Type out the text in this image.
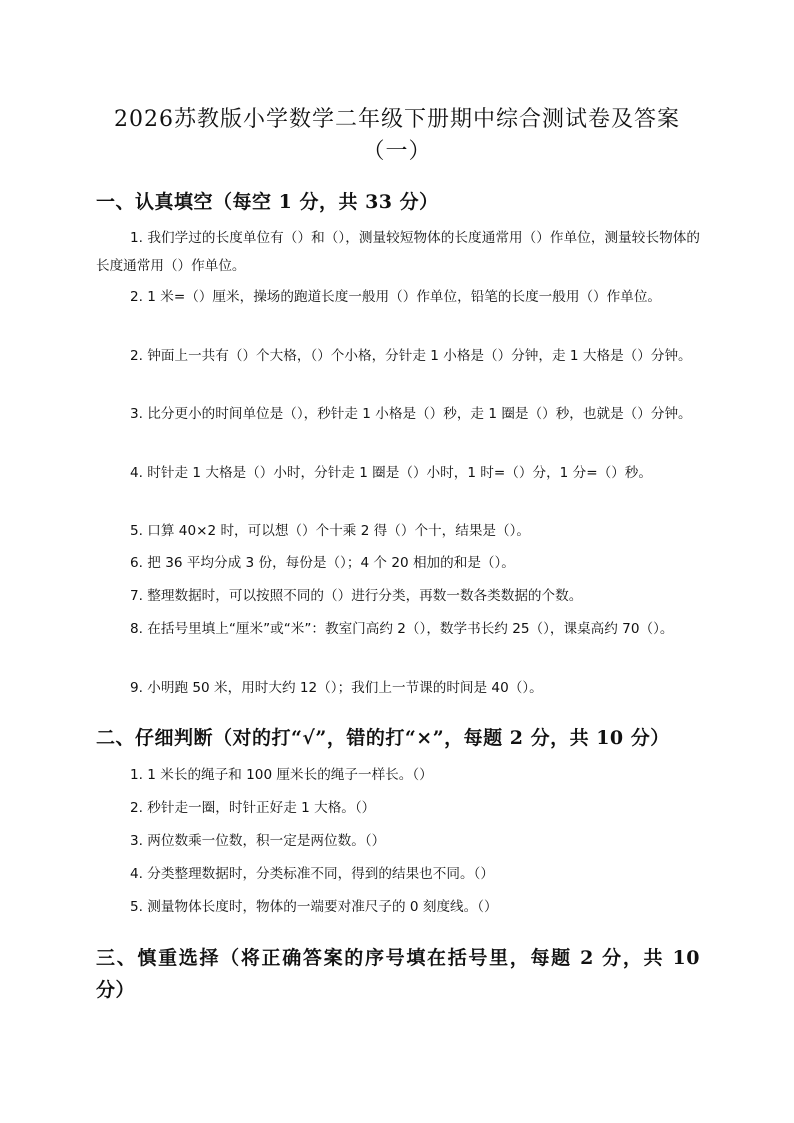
2026苏教版小学数学二年级下册期中综合测试卷及答案
（一）
一、认真填空（每空 1 分，共 33 分）
1. 我们学过的长度单位有（）和（），测量较短物体的长度通常用（）作单位，测量较长物体的长度通常用（）作单位。
2. 1 米=（）厘米，操场的跑道长度一般用（）作单位，铅笔的长度一般用（）作单位。
2. 钟面上一共有（）个大格，（）个小格，分针走 1 小格是（）分钟，走 1 大格是（）分钟。
3. 比分更小的时间单位是（），秒针走 1 小格是（）秒，走 1 圈是（）秒，也就是（）分钟。
4. 时针走 1 大格是（）小时，分针走 1 圈是（）小时，1 时=（）分，1 分=（）秒。
5. 口算 40×2 时，可以想（）个十乘 2 得（）个十，结果是（）。
6. 把 36 平均分成 3 份，每份是（）；4 个 20 相加的和是（）。
7. 整理数据时，可以按照不同的（）进行分类，再数一数各类数据的个数。
8. 在括号里填上“厘米”或“米”：教室门高约 2（），数学书长约 25（），课桌高约 70（）。
9. 小明跑 50 米，用时大约 12（）；我们上一节课的时间是 40（）。
二、仔细判断（对的打“√”，错的打“×”，每题 2 分，共 10 分）
1. 1 米长的绳子和 100 厘米长的绳子一样长。（）
2. 秒针走一圈，时针正好走 1 大格。（）
3. 两位数乘一位数，积一定是两位数。（）
4. 分类整理数据时，分类标准不同，得到的结果也不同。（）
5. 测量物体长度时，物体的一端要对准尺子的 0 刻度线。（）
三、慎重选择（将正确答案的序号填在括号里，每题 2 分，共 10 分）
